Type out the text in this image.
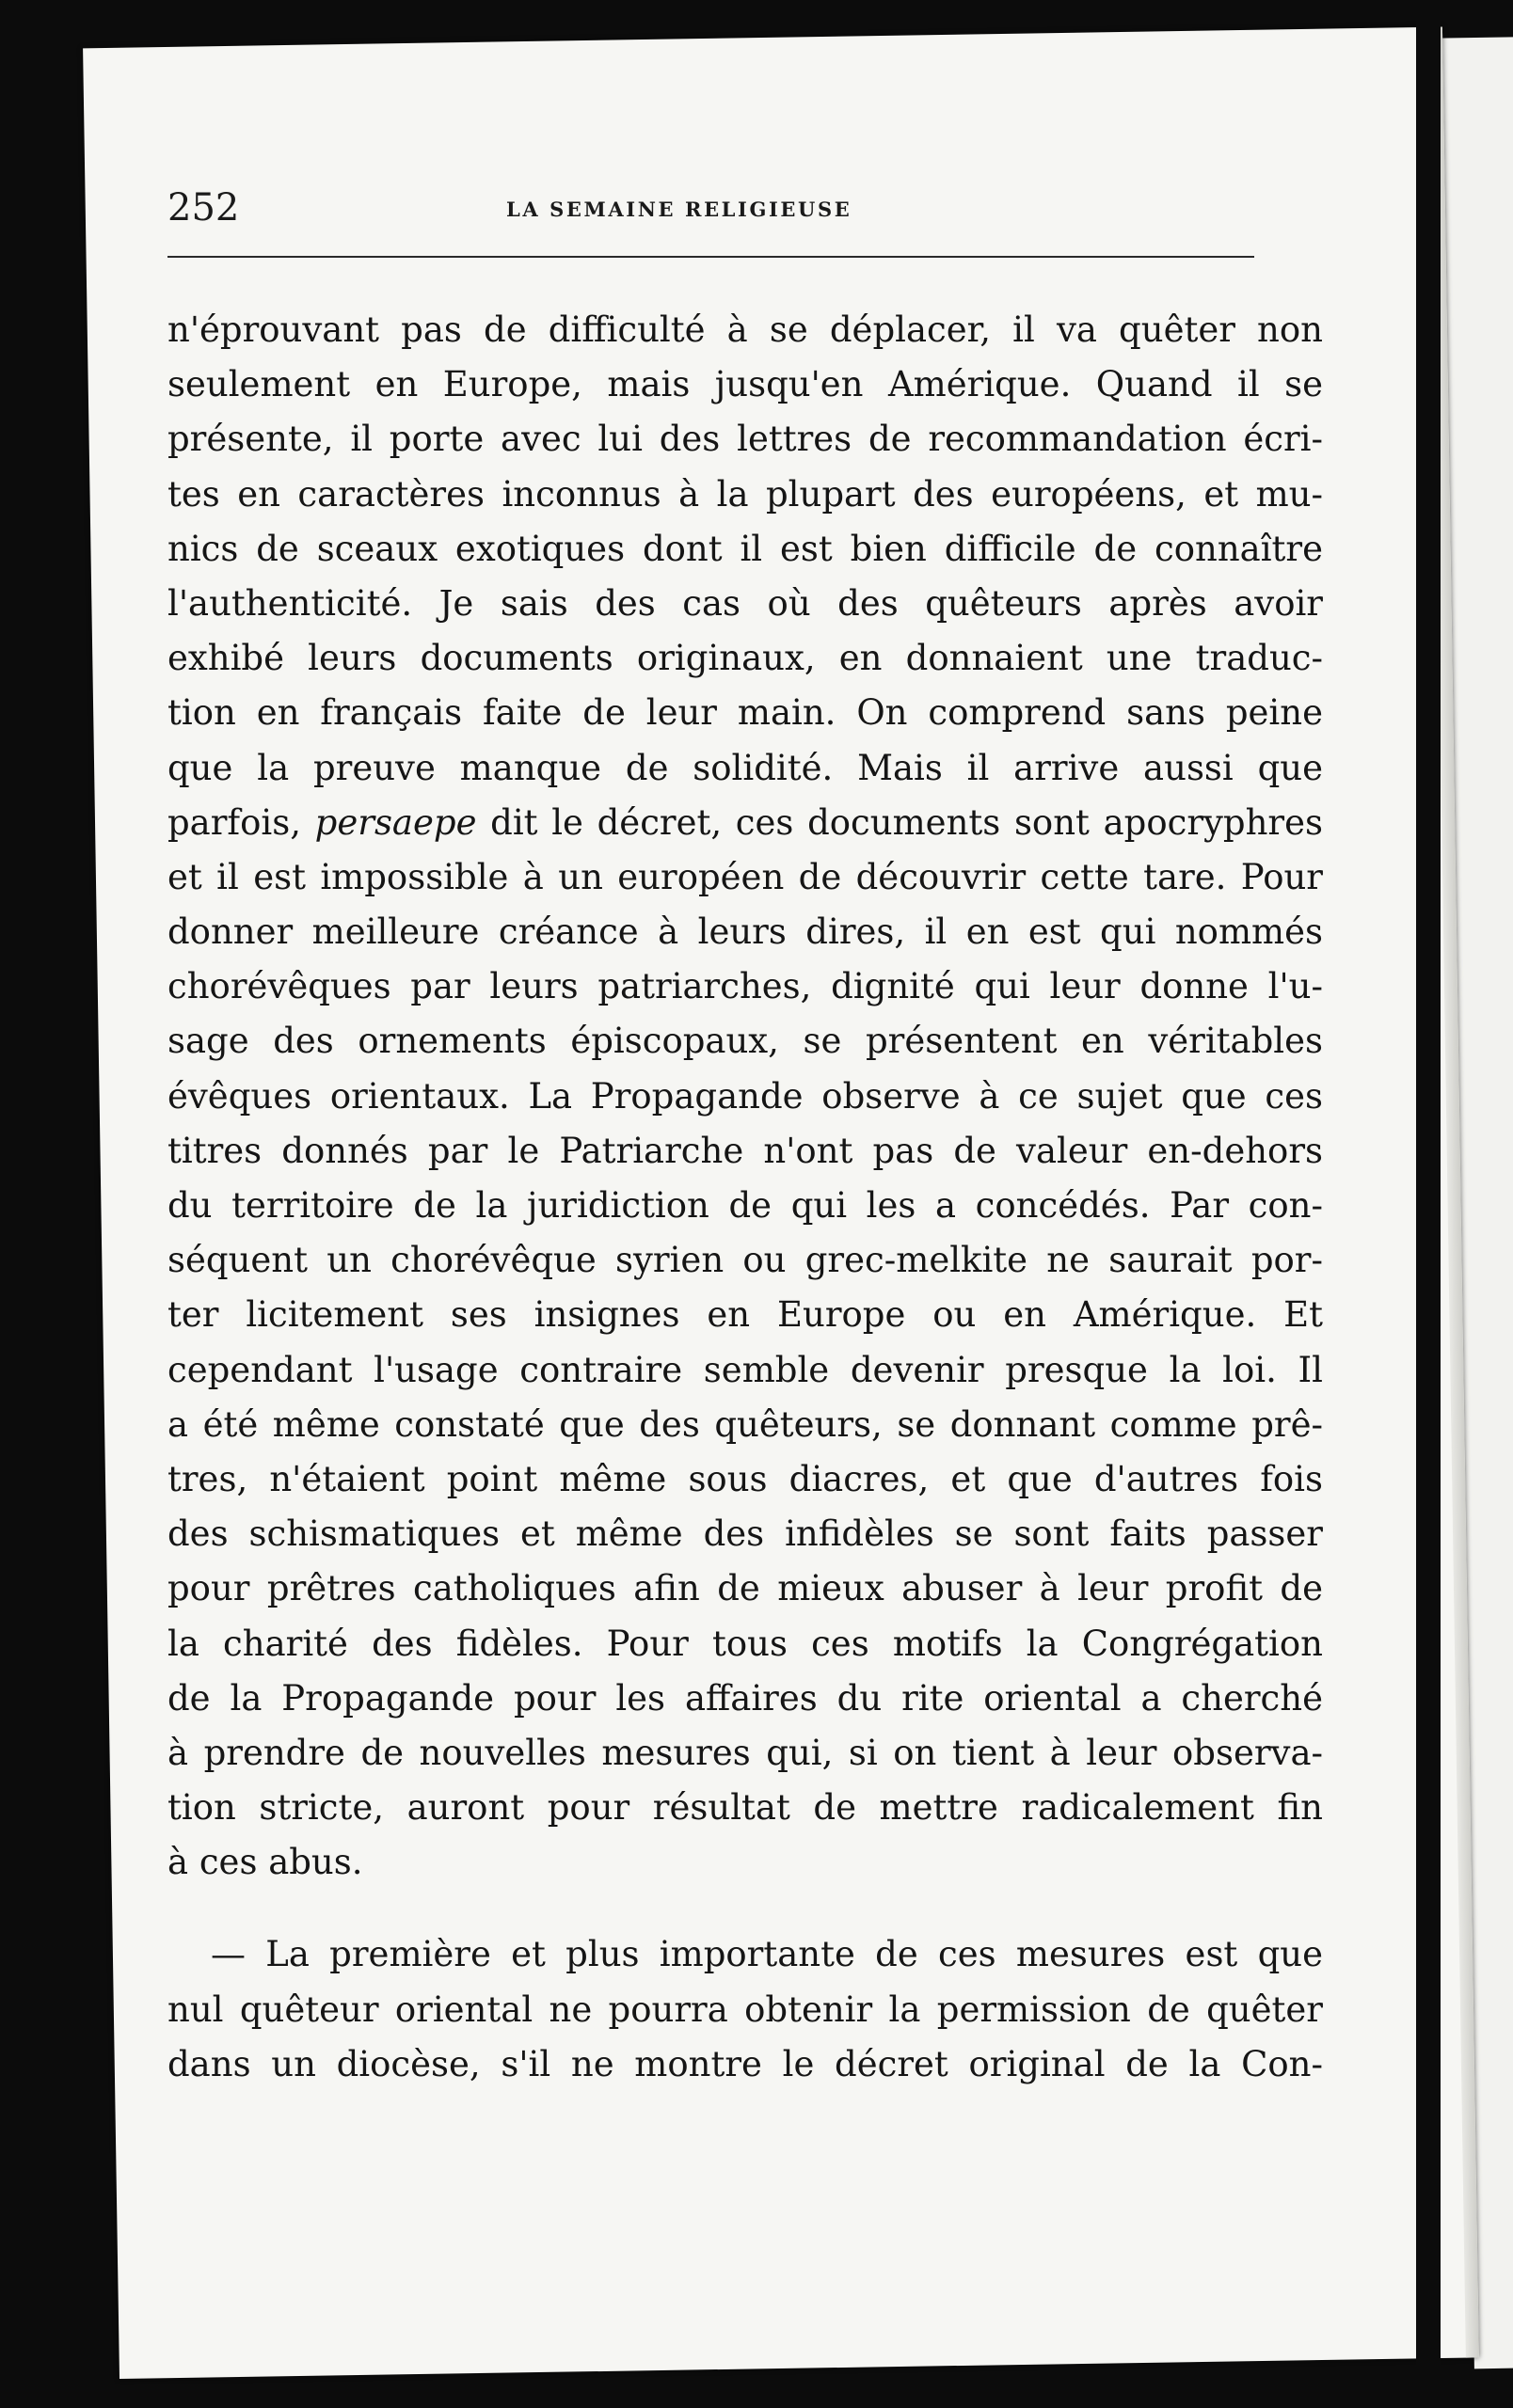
252	LA SEMAINE RELIGIEUSE
n'éprouvant pas de difficulté à se déplacer, il va quêter non
seulement en Europe, mais jusqu'en Amérique. Quand il se
présente, il porte avec lui des lettres de recommandation écri-
tes en caractères inconnus à la plupart des européens, et mu-
nics de sceaux exotiques dont il est bien difficile de connaître
l'authenticité. Je sais des cas où des quêteurs après avoir
exhibé leurs documents originaux, en donnaient une traduc-
tion en français faite de leur main. On comprend sans peine
que la preuve manque de solidité. Mais il arrive aussi que
parfois, persaepe dit le décret, ces documents sont apocryphres
et il est impossible à un européen de découvrir cette tare. Pour
donner meilleure créance à leurs dires, il en est qui nommés
chorévêques par leurs patriarches, dignité qui leur donne l'u-
sage des ornements épiscopaux, se présentent en véritables
évêques orientaux. La Propagande observe à ce sujet que ces
titres donnés par le Patriarche n'ont pas de valeur en-dehors
du territoire de la juridiction de qui les a concédés. Par con-
séquent un chorévêque syrien ou grec-melkite ne saurait por-
ter licitement ses insignes en Europe ou en Amérique. Et
cependant l'usage contraire semble devenir presque la loi. Il
a été même constaté que des quêteurs, se donnant comme prê-
tres, n'étaient point même sous diacres, et que d'autres fois
des schismatiques et même des infidèles se sont faits passer
pour prêtres catholiques afin de mieux abuser à leur profit de
la charité des fidèles. Pour tous ces motifs la Congrégation
de la Propagande pour les affaires du rite oriental a cherché
à prendre de nouvelles mesures qui, si on tient à leur observa-
tion stricte, auront pour résultat de mettre radicalement fin
à ces abus.
— La première et plus importante de ces mesures est que
nul quêteur oriental ne pourra obtenir la permission de quêter
dans un diocèse, s'il ne montre le décret original de la Con-
